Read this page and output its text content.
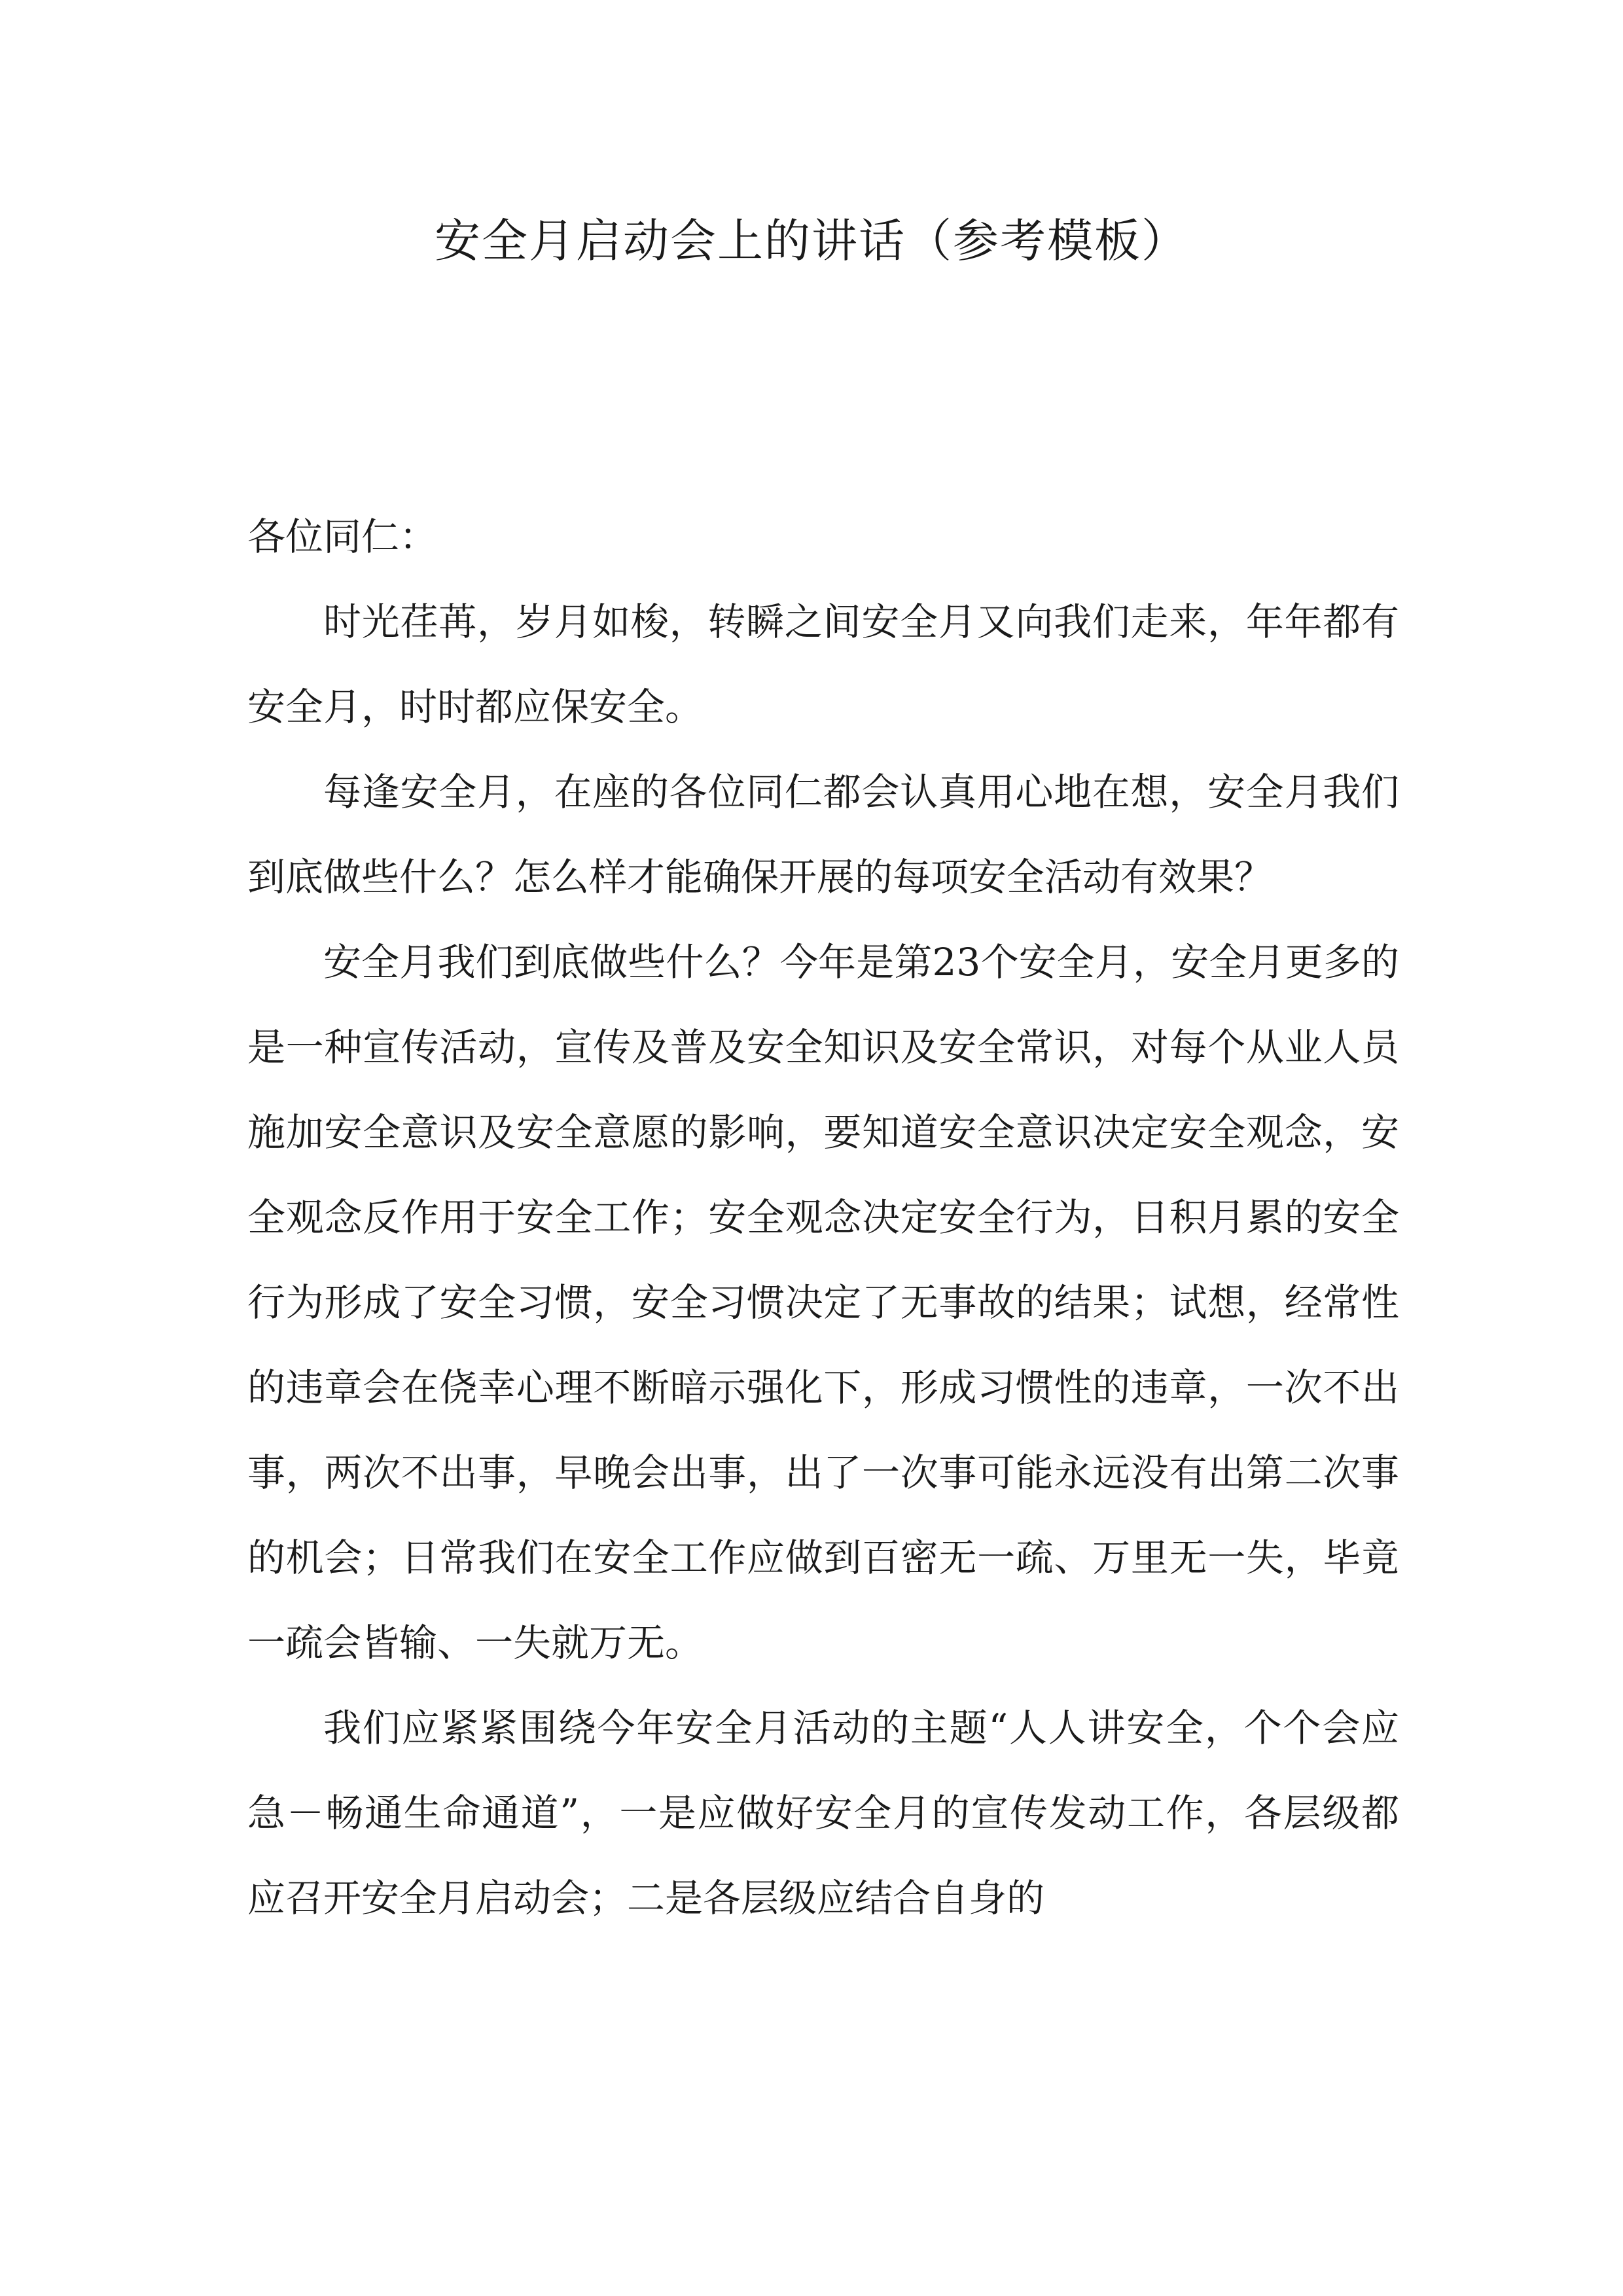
安全月启动会上的讲话（参考模板）

各位同仁：

时光荏苒，岁月如梭，转瞬之间安全月又向我们走来，年年都有安全月，时时都应保安全。

每逢安全月，在座的各位同仁都会认真用心地在想，安全月我们到底做些什么？怎么样才能确保开展的每项安全活动有效果？

安全月我们到底做些什么？今年是第23个安全月，安全月更多的是一种宣传活动，宣传及普及安全知识及安全常识，对每个从业人员施加安全意识及安全意愿的影响，要知道安全意识决定安全观念，安全观念反作用于安全工作；安全观念决定安全行为，日积月累的安全行为形成了安全习惯，安全习惯决定了无事故的结果；试想，经常性的违章会在侥幸心理不断暗示强化下，形成习惯性的违章，一次不出事，两次不出事，早晚会出事，出了一次事可能永远没有出第二次事的机会；日常我们在安全工作应做到百密无一疏、万里无一失，毕竟一疏会皆输、一失就万无。

我们应紧紧围绕今年安全月活动的主题“人人讲安全，个个会应急－畅通生命通道”，一是应做好安全月的宣传发动工作，各层级都应召开安全月启动会；二是各层级应结合自身的
